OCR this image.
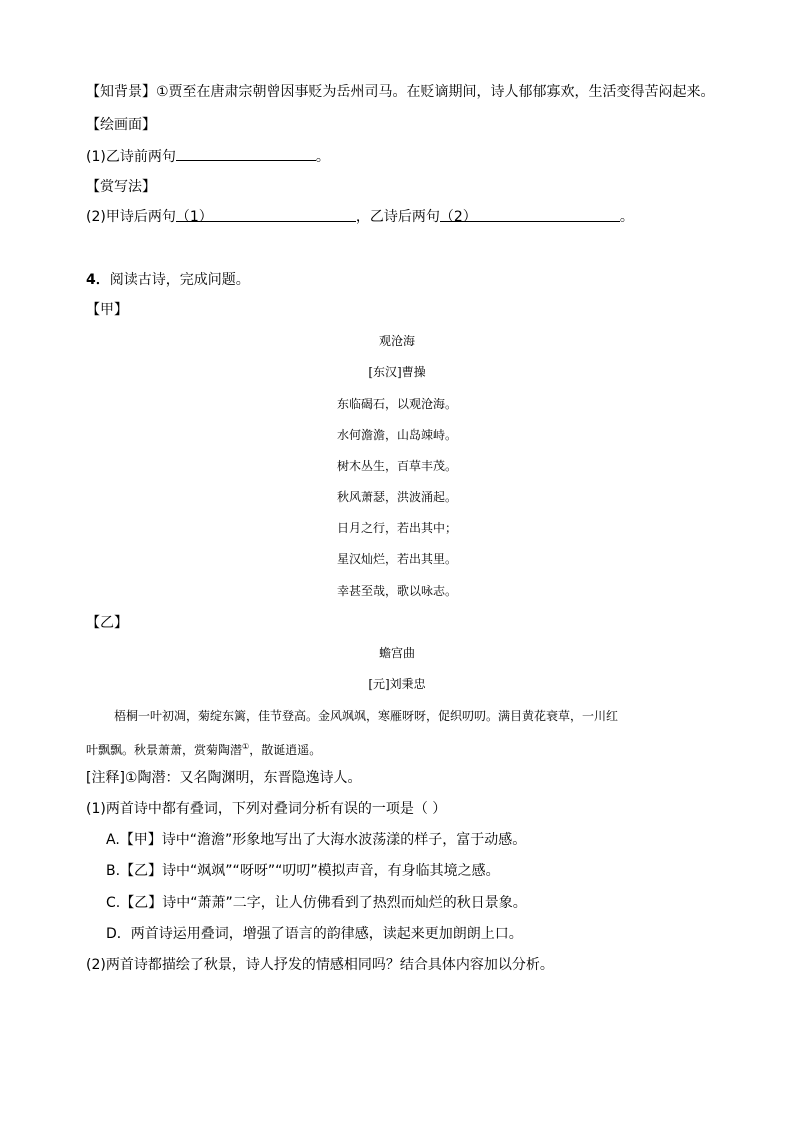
【知背景】①贾至在唐肃宗朝曾因事贬为岳州司马。在贬谪期间，诗人郁郁寡欢，生活变得苦闷起来。
【绘画面】
(1)乙诗前两句	。
【赏写法】
(2)甲诗后两句（1）	，乙诗后两句（2）	。
4．阅读古诗，完成问题。
【甲】
观沧海
[东汉]曹操
东临碣石，以观沧海。
水何澹澹，山岛竦峙。
树木丛生，百草丰茂。
秋风萧瑟，洪波涌起。
日月之行，若出其中；
星汉灿烂，若出其里。
幸甚至哉，歌以咏志。
【乙】
蟾宫曲
[元]刘秉忠
梧桐一叶初凋，菊绽东篱，佳节登高。金风飒飒，寒雁呀呀，促织叨叨。满目黄花衰草，一川红
叶飘飘。秋景萧萧，赏菊陶潜①，散诞逍遥。
[注释]①陶潜：又名陶渊明，东晋隐逸诗人。
(1)两首诗中都有叠词，下列对叠词分析有误的一项是（ ）
A.【甲】诗中“澹澹”形象地写出了大海水波荡漾的样子，富于动感。
B.【乙】诗中“飒飒”“呀呀”“叨叨”模拟声音，有身临其境之感。
C.【乙】诗中“萧萧”二字，让人仿佛看到了热烈而灿烂的秋日景象。
D．两首诗运用叠词，增强了语言的韵律感，读起来更加朗朗上口。
(2)两首诗都描绘了秋景，诗人抒发的情感相同吗？结合具体内容加以分析。
